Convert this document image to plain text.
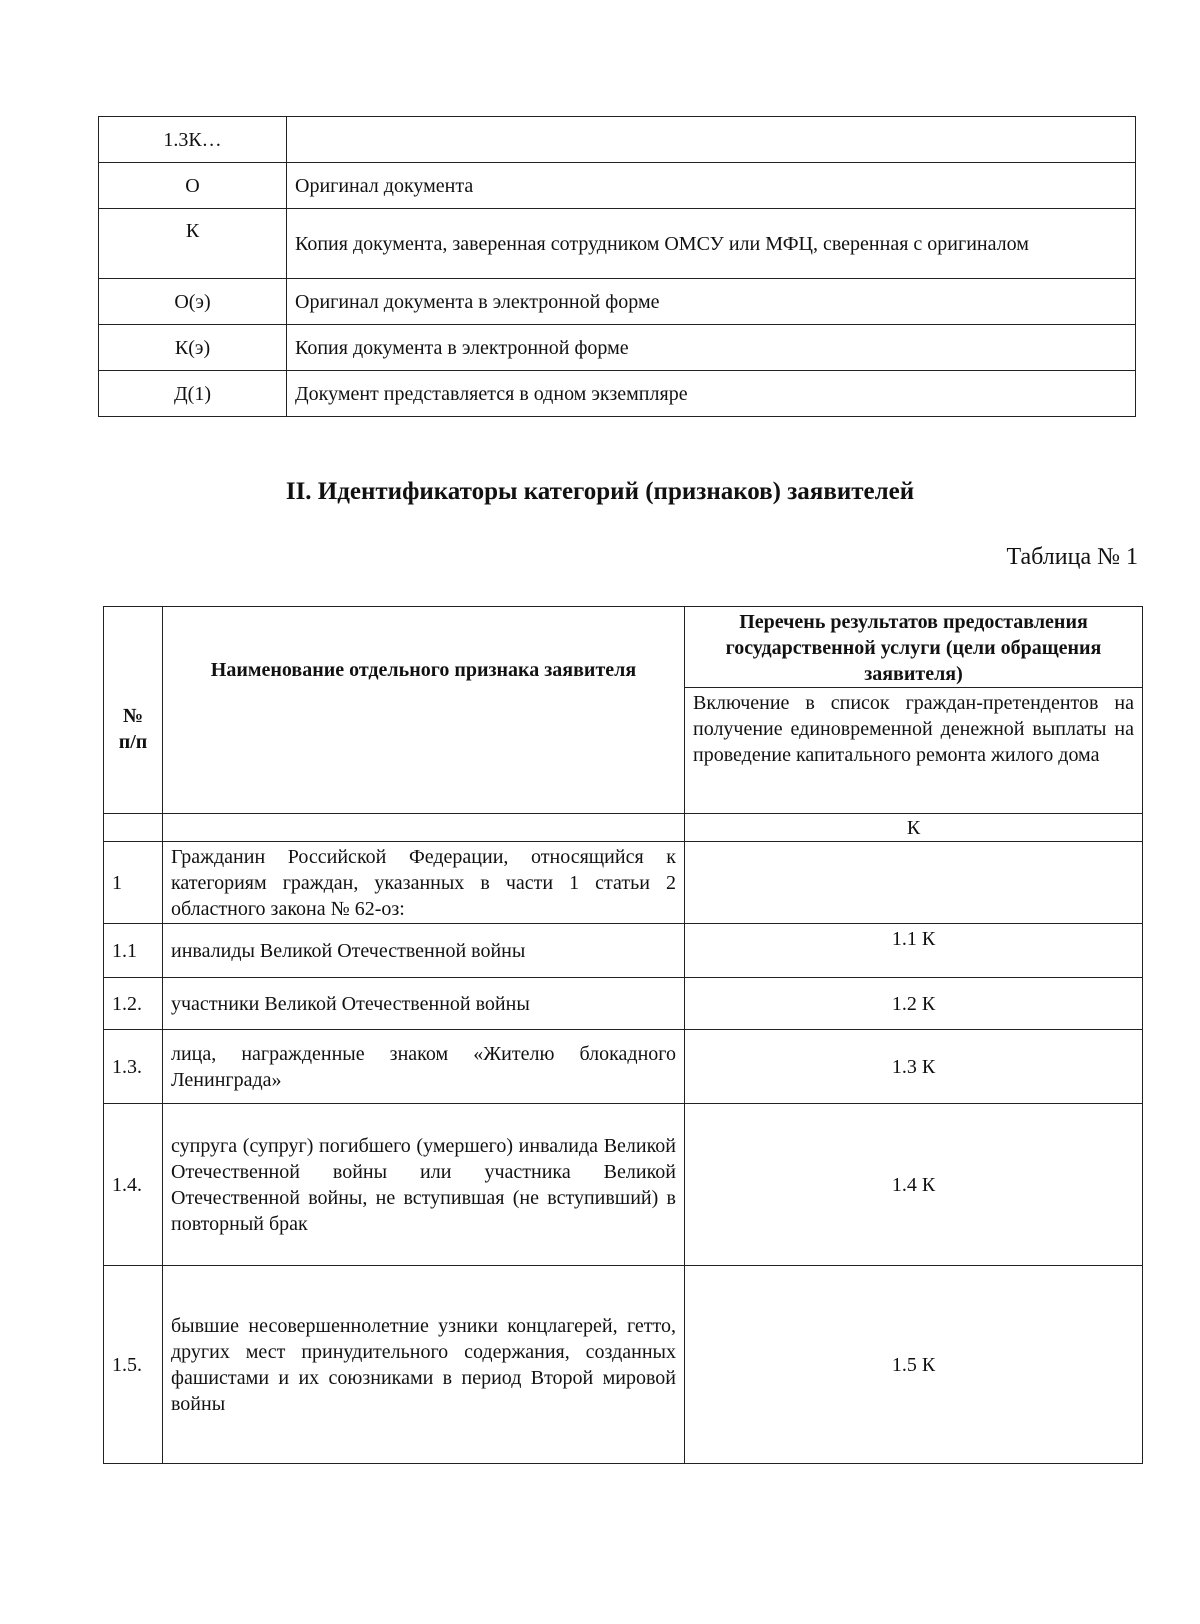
1.3К…	
О	Оригинал документа
К	Копия документа, заверенная сотрудником ОМСУ или МФЦ, сверенная с оригиналом
О(э)	Оригинал документа в электронной форме
К(э)	Копия документа в электронной форме
Д(1)	Документ представляется в одном экземпляре
II. Идентификаторы категорий (признаков) заявителей
Таблица № 1
№ п/п	Наименование отдельного признака заявителя	Перечень результатов предоставления государственной услуги (цели обращения заявителя)
		Включение в список граждан-претендентов на получение единовременной денежной выплаты на проведение капитального ремонта жилого дома
		К
1	Гражданин Российской Федерации, относящийся к категориям граждан, указанных в части 1 статьи 2 областного закона № 62-оз:	
1.1	инвалиды Великой Отечественной войны	1.1 К
1.2.	участники Великой Отечественной войны	1.2 К
1.3.	лица, награжденные знаком «Жителю блокадного Ленинграда»	1.3 К
1.4.	супруга (супруг) погибшего (умершего) инвалида Великой Отечественной войны или участника Великой Отечественной войны, не вступившая (не вступивший) в повторный брак	1.4 К
1.5.	бывшие несовершеннолетние узники концлагерей, гетто, других мест принудительного содержания, созданных фашистами и их союзниками в период Второй мировой войны	1.5 К
